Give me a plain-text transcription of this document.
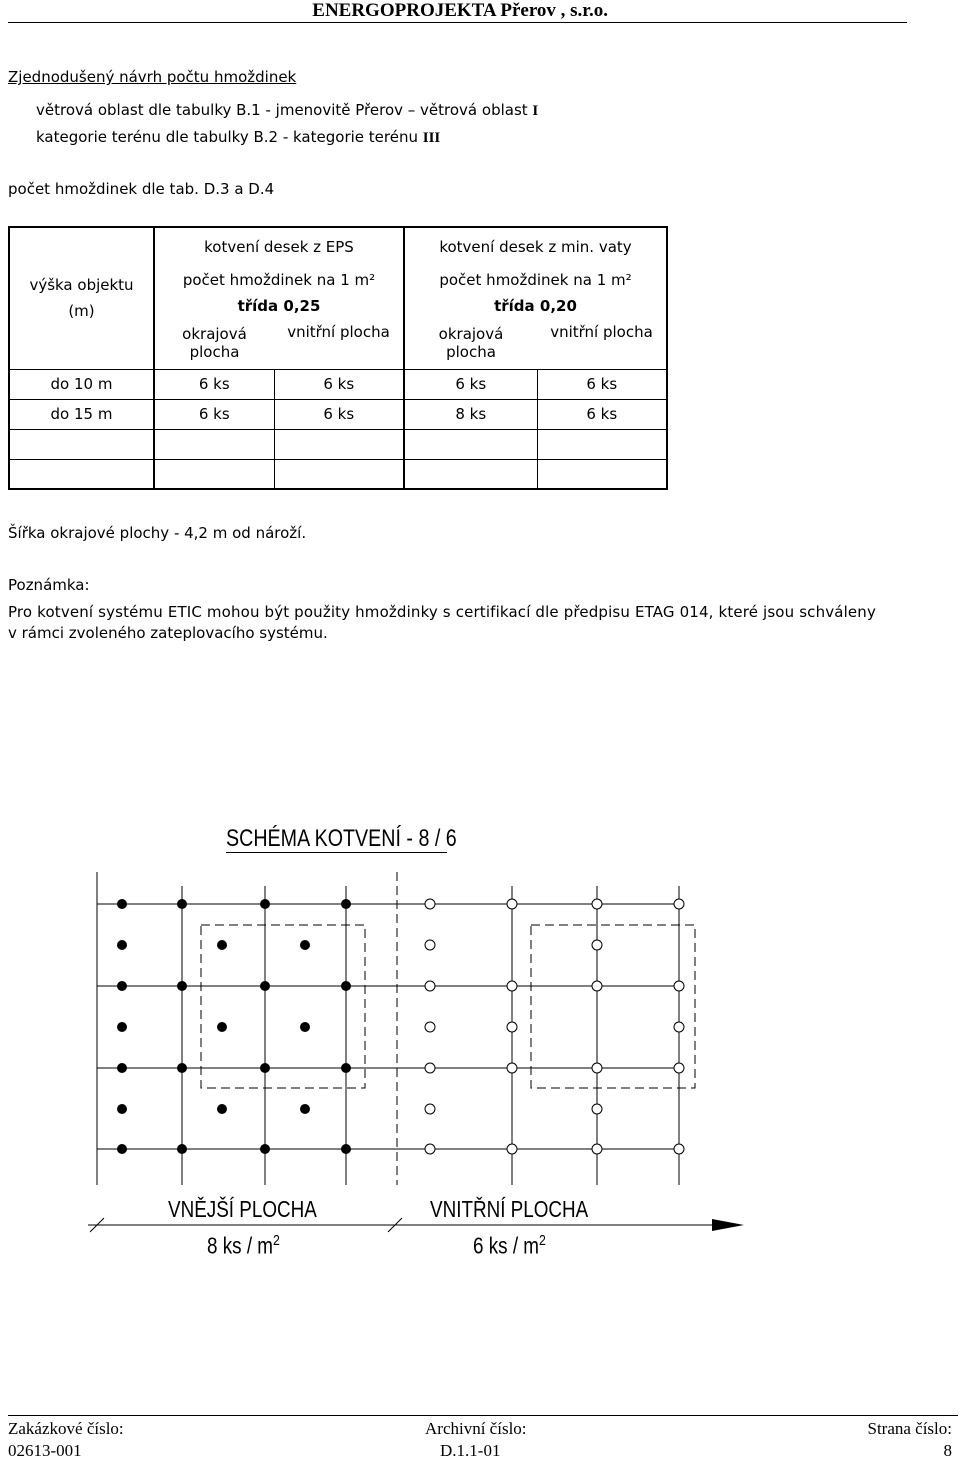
ENERGOPROJEKTA Přerov , s.r.o.
Zjednodušený návrh počtu hmoždinek
větrová oblast dle tabulky B.1 - jmenovitě Přerov – větrová oblast I
kategorie terénu dle tabulky B.2 - kategorie terénu III
počet hmoždinek dle tab. D.3 a D.4
výška objektu
(m)	kotvení desek z EPS		kotvení desek z min. vaty	
	počet hmoždinek na 1 m²		počet hmoždinek na 1 m²	
	třída 0,25		třída 0,20	
	okrajová plocha	vnitřní plocha	okrajová plocha	vnitřní plocha
do 10 m	6 ks	6 ks	6 ks	6 ks
do 15 m	6 ks	6 ks	8 ks	6 ks

Šířka okrajové plochy - 4,2 m od nároží.
Poznámka:
Pro kotvení systému ETIC mohou být použity hmoždinky s certifikací dle předpisu ETAG 014, které jsou schváleny
v rámci zvoleného zateplovacího systému.
SCHÉMA KOTVENÍ - 8 / 6
VNĚJŠÍ PLOCHA
8 ks / $m^2$
VNITŘNÍ PLOCHA
6 ks / $m^2$
Zakázkové číslo:
02613-001
Archivní číslo:
D.1.1-01
Strana číslo:
8
